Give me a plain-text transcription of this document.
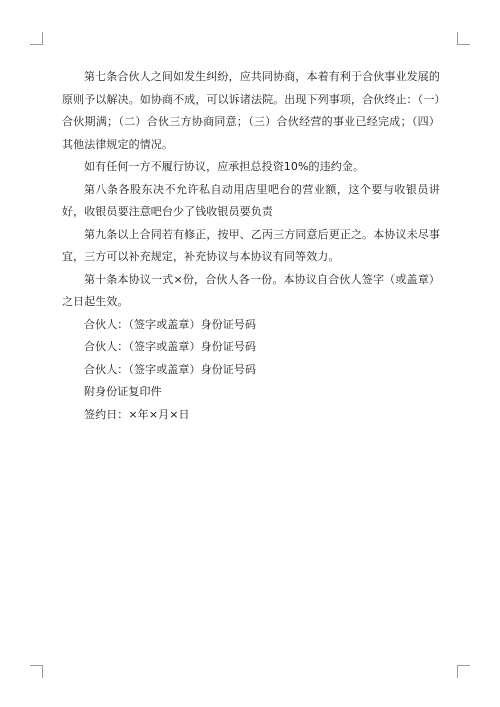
第七条合伙人之间如发生纠纷，应共同协商，本着有利于合伙事业发展的原则予以解决。如协商不成，可以诉诸法院。出现下列事项，合伙终止：（一）合伙期满；（二）合伙三方协商同意；（三）合伙经营的事业已经完成；（四）其他法律规定的情况。

如有任何一方不履行协议，应承担总投资10%的违约金。

第八条各股东决不允许私自动用店里吧台的营业额，这个要与收银员讲好，收银员要注意吧台少了钱收银员要负责

第九条以上合同若有修正，按甲、乙丙三方同意后更正之。本协议未尽事宜，三方可以补充规定，补充协议与本协议有同等效力。

第十条本协议一式×份，合伙人各一份。本协议自合伙人签字（或盖章）之日起生效。

合伙人：（签字或盖章）身份证号码

合伙人：（签字或盖章）身份证号码

合伙人：（签字或盖章）身份证号码

附身份证复印件

签约日：×年×月×日
